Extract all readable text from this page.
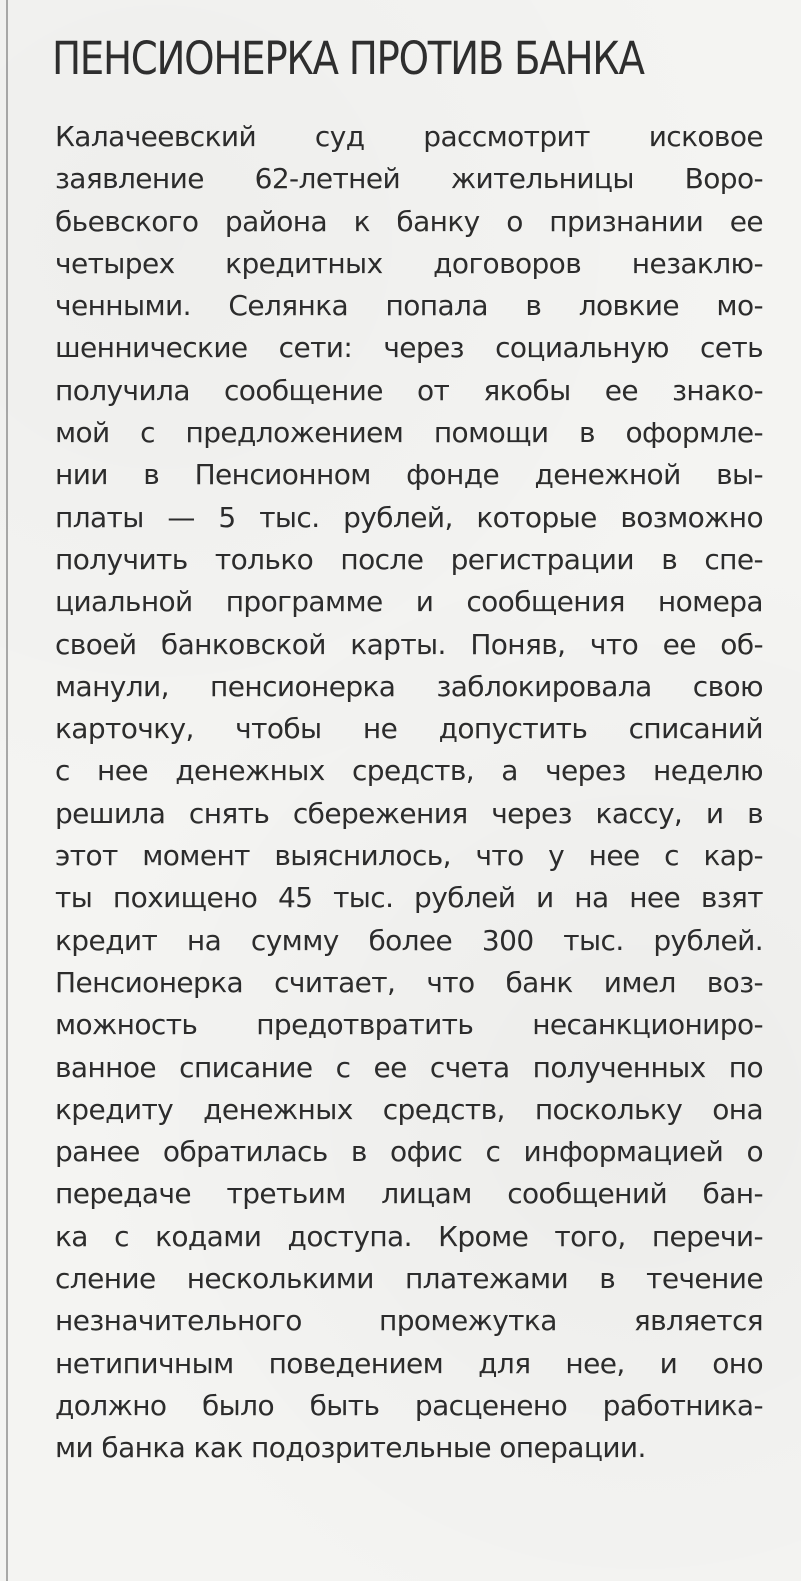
ПЕНСИОНЕРКА ПРОТИВ БАНКА
Калачеевский суд рассмотрит исковое
заявление 62-летней жительницы Воро-
бьевского района к банку о признании ее
четырех кредитных договоров незаклю-
ченными. Селянка попала в ловкие мо-
шеннические сети: через социальную сеть
получила сообщение от якобы ее знако-
мой с предложением помощи в оформле-
нии в Пенсионном фонде денежной вы-
платы — 5 тыс. рублей, которые возможно
получить только после регистрации в спе-
циальной программе и сообщения номера
своей банковской карты. Поняв, что ее об-
манули, пенсионерка заблокировала свою
карточку, чтобы не допустить списаний
с нее денежных средств, а через неделю
решила снять сбережения через кассу, и в
этот момент выяснилось, что у нее с кар-
ты похищено 45 тыс. рублей и на нее взят
кредит на сумму более 300 тыс. рублей.
Пенсионерка считает, что банк имел воз-
можность предотвратить несанкциониро-
ванное списание с ее счета полученных по
кредиту денежных средств, поскольку она
ранее обратилась в офис с информацией о
передаче третьим лицам сообщений бан-
ка с кодами доступа. Кроме того, перечи-
сление несколькими платежами в течение
незначительного промежутка является
нетипичным поведением для нее, и оно
должно было быть расценено работника-
ми банка как подозрительные операции.
